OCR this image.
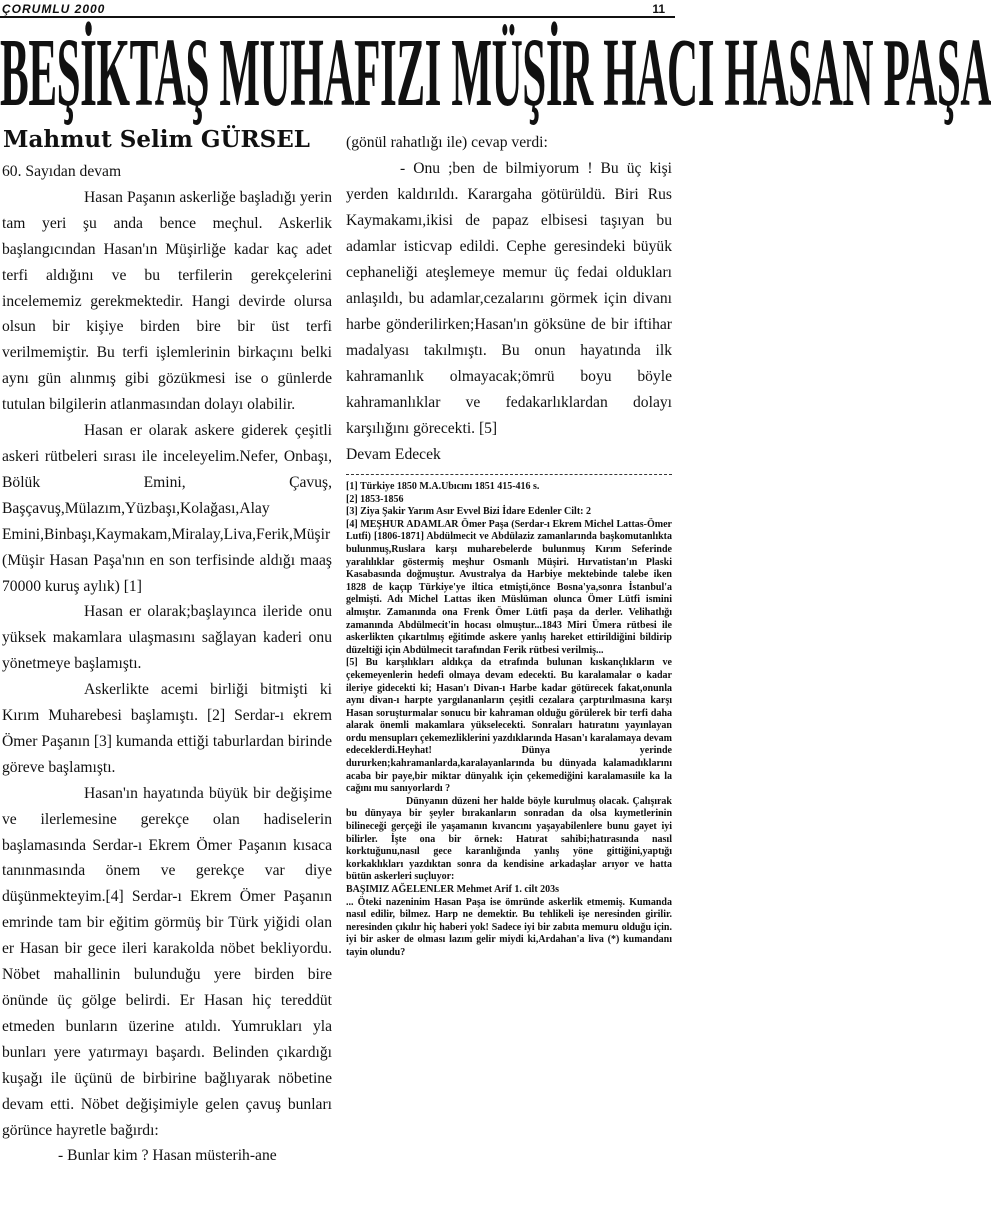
ÇORUMLU 2000	11
BEŞİKTAŞ MUHAFIZI MÜŞİR HACI HASAN PAŞA
Mahmut Selim GÜRSEL

60. Sayıdan devam

Hasan Paşanın askerliğe başladığı yerin tam yeri şu anda bence meçhul. Askerlik başlangıcından Hasan'ın Müşirliğe kadar kaç adet terfi aldığını ve bu terfilerin gerekçelerini incelememiz gerekmektedir. Hangi devirde olursa olsun bir kişiye birden bire bir üst terfi verilmemiştir. Bu terfi işlemlerinin birkaçını belki aynı gün alınmış gibi gözükmesi ise o günlerde tutulan bilgilerin atlanmasından dolayı olabilir.

Hasan er olarak askere giderek çeşitli askeri rütbeleri sırası ile inceleyelim.Nefer, Onbaşı, Bölük Emini, Çavuş, Başçavuş,Mülazım,Yüzbaşı,Kolağası,Alay Emini,Binbaşı,Kaymakam,Miralay,Liva,Ferik,Müşir (Müşir Hasan Paşa'nın en son terfisinde aldığı maaş 70000 kuruş aylık) [1]

Hasan er olarak;başlayınca ileride onu yüksek makamlara ulaşmasını sağlayan kaderi onu yönetmeye başlamıştı.

Askerlikte acemi birliği bitmişti ki Kırım Muharebesi başlamıştı. [2] Serdar-ı ekrem Ömer Paşanın [3] kumanda ettiği taburlardan birinde göreve başlamıştı.

Hasan'ın hayatında büyük bir değişime ve ilerlemesine gerekçe olan hadiselerin başlamasında Serdar-ı Ekrem Ömer Paşanın kısaca tanınmasında önem ve gerekçe var diye düşünmekteyim.[4] Serdar-ı Ekrem Ömer Paşanın emrinde tam bir eğitim görmüş bir Türk yiğidi olan er Hasan bir gece ileri karakolda nöbet bekliyordu. Nöbet mahallinin bulunduğu yere birden bire önünde üç gölge belirdi. Er Hasan hiç tereddüt etmeden bunların üzerine atıldı. Yumrukları yla bunları yere yatırmayı başardı. Belinden çıkardığı kuşağı ile üçünü de birbirine bağlıyarak nöbetine devam etti. Nöbet değişimiyle gelen çavuş bunları görünce hayretle bağırdı:

- Bunlar kim ? Hasan müsterih-ane

(gönül rahatlığı ile) cevap verdi:

- Onu ;ben de bilmiyorum ! Bu üç kişi yerden kaldırıldı. Karargaha götürüldü. Biri Rus Kaymakamı,ikisi de papaz elbisesi taşıyan bu adamlar isticvap edildi. Cephe geresindeki büyük cephaneliği ateşlemeye memur üç fedai oldukları anlaşıldı, bu adamlar,cezalarını görmek için divanı harbe gönderilirken;Hasan'ın göksüne de bir iftihar madalyası takılmıştı. Bu onun hayatında ilk kahramanlık olmayacak;ömrü boyu böyle kahramanlıklar ve fedakarlıklardan dolayı karşılığını görecekti. [5]

Devam Edecek

[1] Türkiye 1850 M.A.Ubıcını 1851 415-416 s.

[2] 1853-1856

[3] Ziya Şakir Yarım Asır Evvel Bizi İdare Edenler Cilt: 2

[4] MEŞHUR ADAMLAR Ömer Paşa (Serdar-ı Ekrem Michel Lattas-Ömer Lutfi) [1806-1871] Abdülmecit ve Abdülaziz zamanlarında başkomutanlıkta bulunmuş,Ruslara karşı muharebelerde bulunmuş Kırım Seferinde yaralılıklar göstermiş meşhur Osmanlı Müşiri. Hırvatistan'ın Plaski Kasabasında doğmuştur. Avustralya da Harbiye mektebinde talebe iken 1828 de kaçıp Türkiye'ye iltica etmişti,önce Bosna'ya,sonra İstanbul'a gelmişti. Adı Michel Lattas iken Müslüman olunca Ömer Lütfi ismini almıştır. Zamanında ona Frenk Ömer Lütfi paşa da derler. Velihatlığı zamanında Abdülmecit'in hocası olmuştur...1843 Miri Ümera rütbesi ile askerlikten çıkartılmış eğitimde askere yanlış hareket ettirildiğini bildirip düzeltiği için Abdülmecit tarafından Ferik rütbesi verilmiş...

[5] Bu karşılıkları aldıkça da etrafında bulunan kıskançlıkların ve çekemeyenlerin hedefi olmaya devam edecekti. Bu karalamalar o kadar ileriye gidecekti ki; Hasan'ı Divan-ı Harbe kadar götürecek fakat,onunla aynı divan-ı harpte yargılananların çeşitli cezalara çarptırılmasına karşı Hasan soruşturmalar sonucu bir kahraman olduğu görülerek bir terfi daha alarak önemli makamlara yükselecekti. Sonraları hatıratını yayınlayan ordu mensupları çekemezliklerini yazdıklarında Hasan'ı karalamaya devam edeceklerdi.Heyhat! Dünya yerinde dururken;kahramanlarda,karalayanlarında bu dünyada kalamadıklarını acaba bir paye,bir miktar dünyalık için çekemediğini karalamasıile ka la cağını mu sanıyorlardı ?

Dünyanın düzeni her halde böyle kurulmuş olacak. Çalışırak bu dünyaya bir şeyler bırakanların sonradan da olsa kıymetlerinin bilineceği gerçeği ile yaşamanın kıvancını yaşayabilenlere bunu gayet iyi bilirler. İşte ona bir örnek: Hatırat sahibi;hatırasında nasıl korktuğunu,nasıl gece karanlığında yanlış yöne gittiğini,yaptığı korkaklıkları yazdıktan sonra da kendisine arkadaşlar arıyor ve hatta bütün askerleri suçluyor:

BAŞIMIZ AĞELENLER Mehmet Arif 1. cilt 203s

... Öteki nazeninim Hasan Paşa ise ömründe askerlik etmemiş. Kumanda nasıl edilir, bilmez. Harp ne demektir. Bu tehlikeli işe neresinden girilir. neresinden çıkılır hiç haberi yok! Sadece iyi bir zabıta memuru olduğu için. iyi bir asker de olması lazım gelir miydi ki,Ardahan'a liva (*) kumandanı tayin olundu?
